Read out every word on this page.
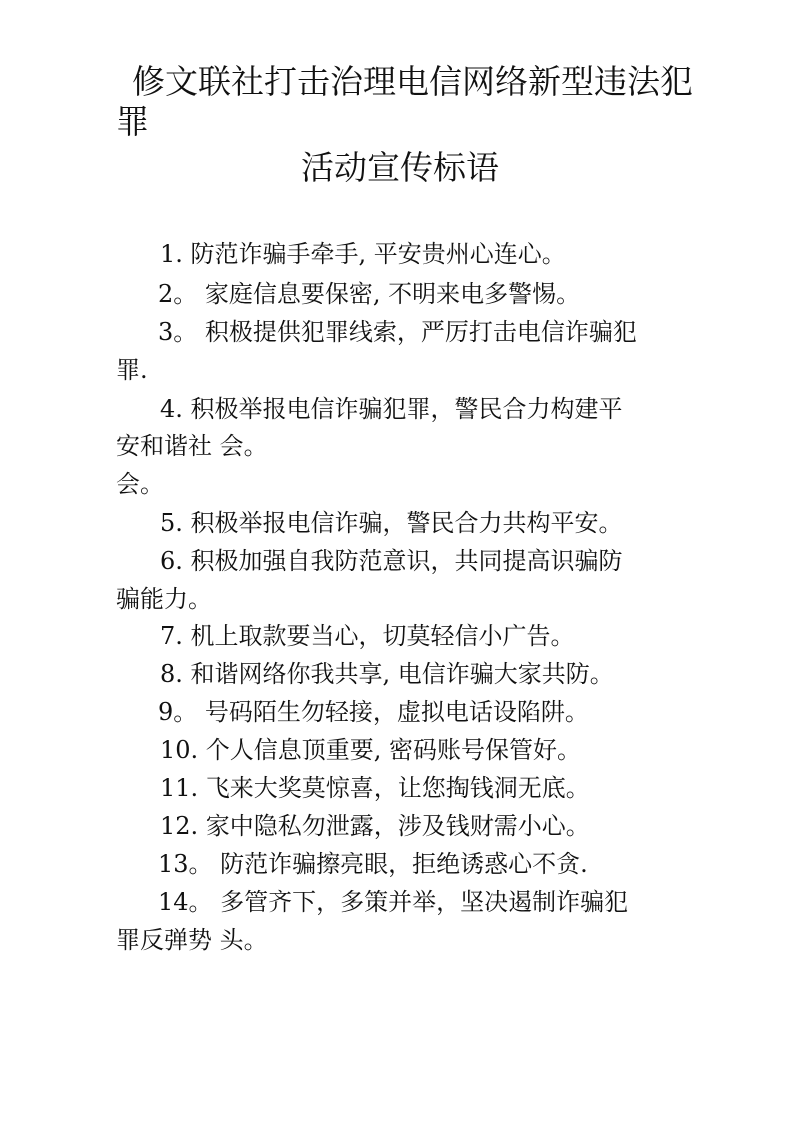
修文联社打击治理电信网络新型违法犯
罪
活动宣传标语
1. 防范诈骗手牵手, 平安贵州心连心。
2。 家庭信息要保密, 不明来电多警惕。
3。 积极提供犯罪线索，严厉打击电信诈骗犯
罪.
4. 积极举报电信诈骗犯罪，警民合力构建平
安和谐社 会。
会。
5. 积极举报电信诈骗，警民合力共构平安。
6. 积极加强自我防范意识，共同提高识骗防
骗能力。
7. 机上取款要当心，切莫轻信小广告。
8. 和谐网络你我共享, 电信诈骗大家共防。
9。 号码陌生勿轻接，虚拟电话设陷阱。
10. 个人信息顶重要, 密码账号保管好。
11. 飞来大奖莫惊喜，让您掏钱洞无底。
12. 家中隐私勿泄露，涉及钱财需小心。
13。 防范诈骗擦亮眼，拒绝诱惑心不贪.
14。 多管齐下，多策并举，坚决遏制诈骗犯
罪反弹势 头。
